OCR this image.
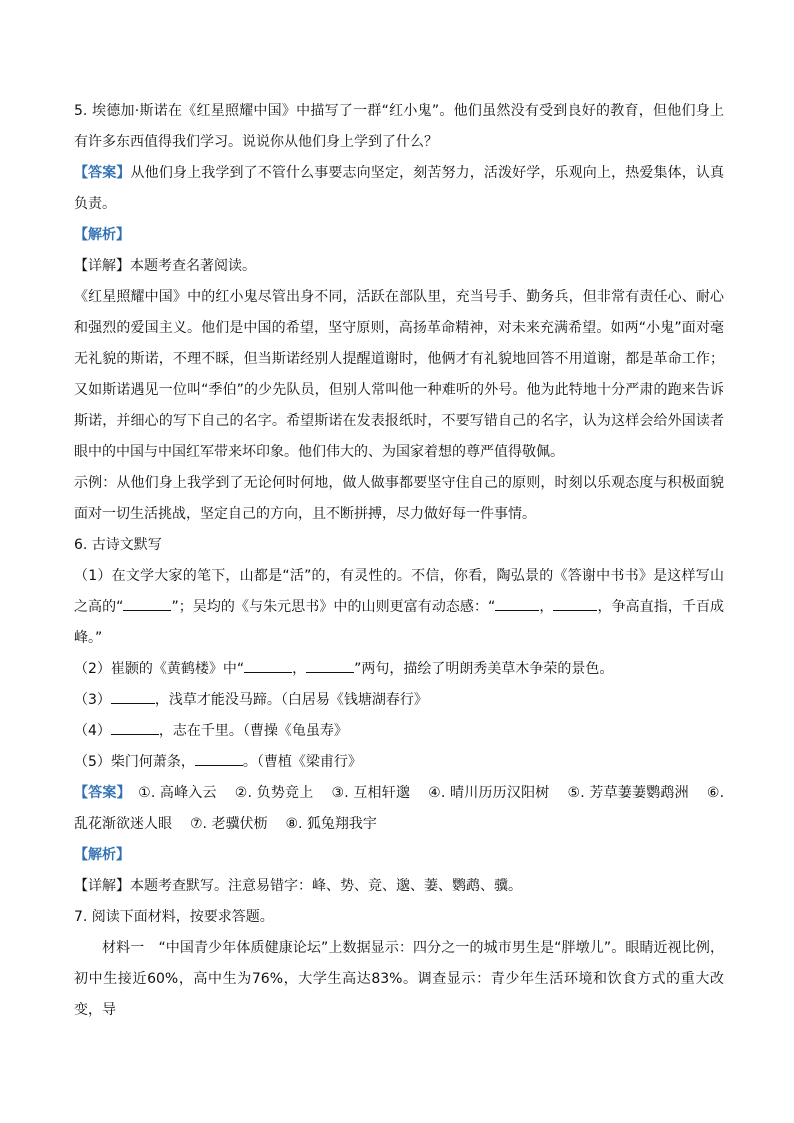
5. 埃德加·斯诺在《红星照耀中国》中描写了一群“红小鬼”。他们虽然没有受到良好的教育，但他们身上有许多东西值得我们学习。说说你从他们身上学到了什么？

【答案】从他们身上我学到了不管什么事要志向坚定，刻苦努力，活泼好学，乐观向上，热爱集体，认真负责。

【解析】

【详解】本题考查名著阅读。

《红星照耀中国》中的红小鬼尽管出身不同，活跃在部队里，充当号手、勤务兵，但非常有责任心、耐心和强烈的爱国主义。他们是中国的希望，坚守原则，高扬革命精神，对未来充满希望。如两“小鬼”面对毫无礼貌的斯诺，不理不睬，但当斯诺经别人提醒道谢时，他俩才有礼貌地回答不用道谢，都是革命工作；又如斯诺遇见一位叫“季伯”的少先队员，但别人常叫他一种难听的外号。他为此特地十分严肃的跑来告诉斯诺，并细心的写下自己的名字。希望斯诺在发表报纸时，不要写错自己的名字，认为这样会给外国读者眼中的中国与中国红军带来坏印象。他们伟大的、为国家着想的尊严值得敬佩。

示例：从他们身上我学到了无论何时何地，做人做事都要坚守住自己的原则，时刻以乐观态度与积极面貌面对一切生活挑战，坚定自己的方向，且不断拼搏，尽力做好每一件事情。

6. 古诗文默写

（1）在文学大家的笔下，山都是“活”的，有灵性的。不信，你看，陶弘景的《答谢中书书》是这样写山之高的“	”；吴均的《与朱元思书》中的山则更富有动态感：“	，	，争高直指，千百成峰。”

（2）崔颢的《黄鹤楼》中“	，	”两句，描绘了明朗秀美草木争荣的景色。

（3）	，浅草才能没马蹄。（白居易《钱塘湖春行》

（4）	，志在千里。（曹操《龟虽寿》

（5）柴门何萧条，	。（曹植《梁甫行》

【答案】　 ①. 高峰入云 ②. 负势竞上 ③. 互相轩邈 ④. 晴川历历汉阳树 ⑤. 芳草萋萋鹦鹉洲 ⑥. 乱花渐欲迷人眼 ⑦. 老骥伏枥 ⑧. 狐兔翔我宇

【解析】

【详解】本题考查默写。注意易错字：峰、势、竞、邈、萋、鹦鹉、骥。

7. 阅读下面材料，按要求答题。

材料一　“中国青少年体质健康论坛”上数据显示：四分之一的城市男生是“胖墩儿”。眼睛近视比例，初中生接近60%，高中生为76%，大学生高达83%。调查显示：青少年生活环境和饮食方式的重大改变，导
